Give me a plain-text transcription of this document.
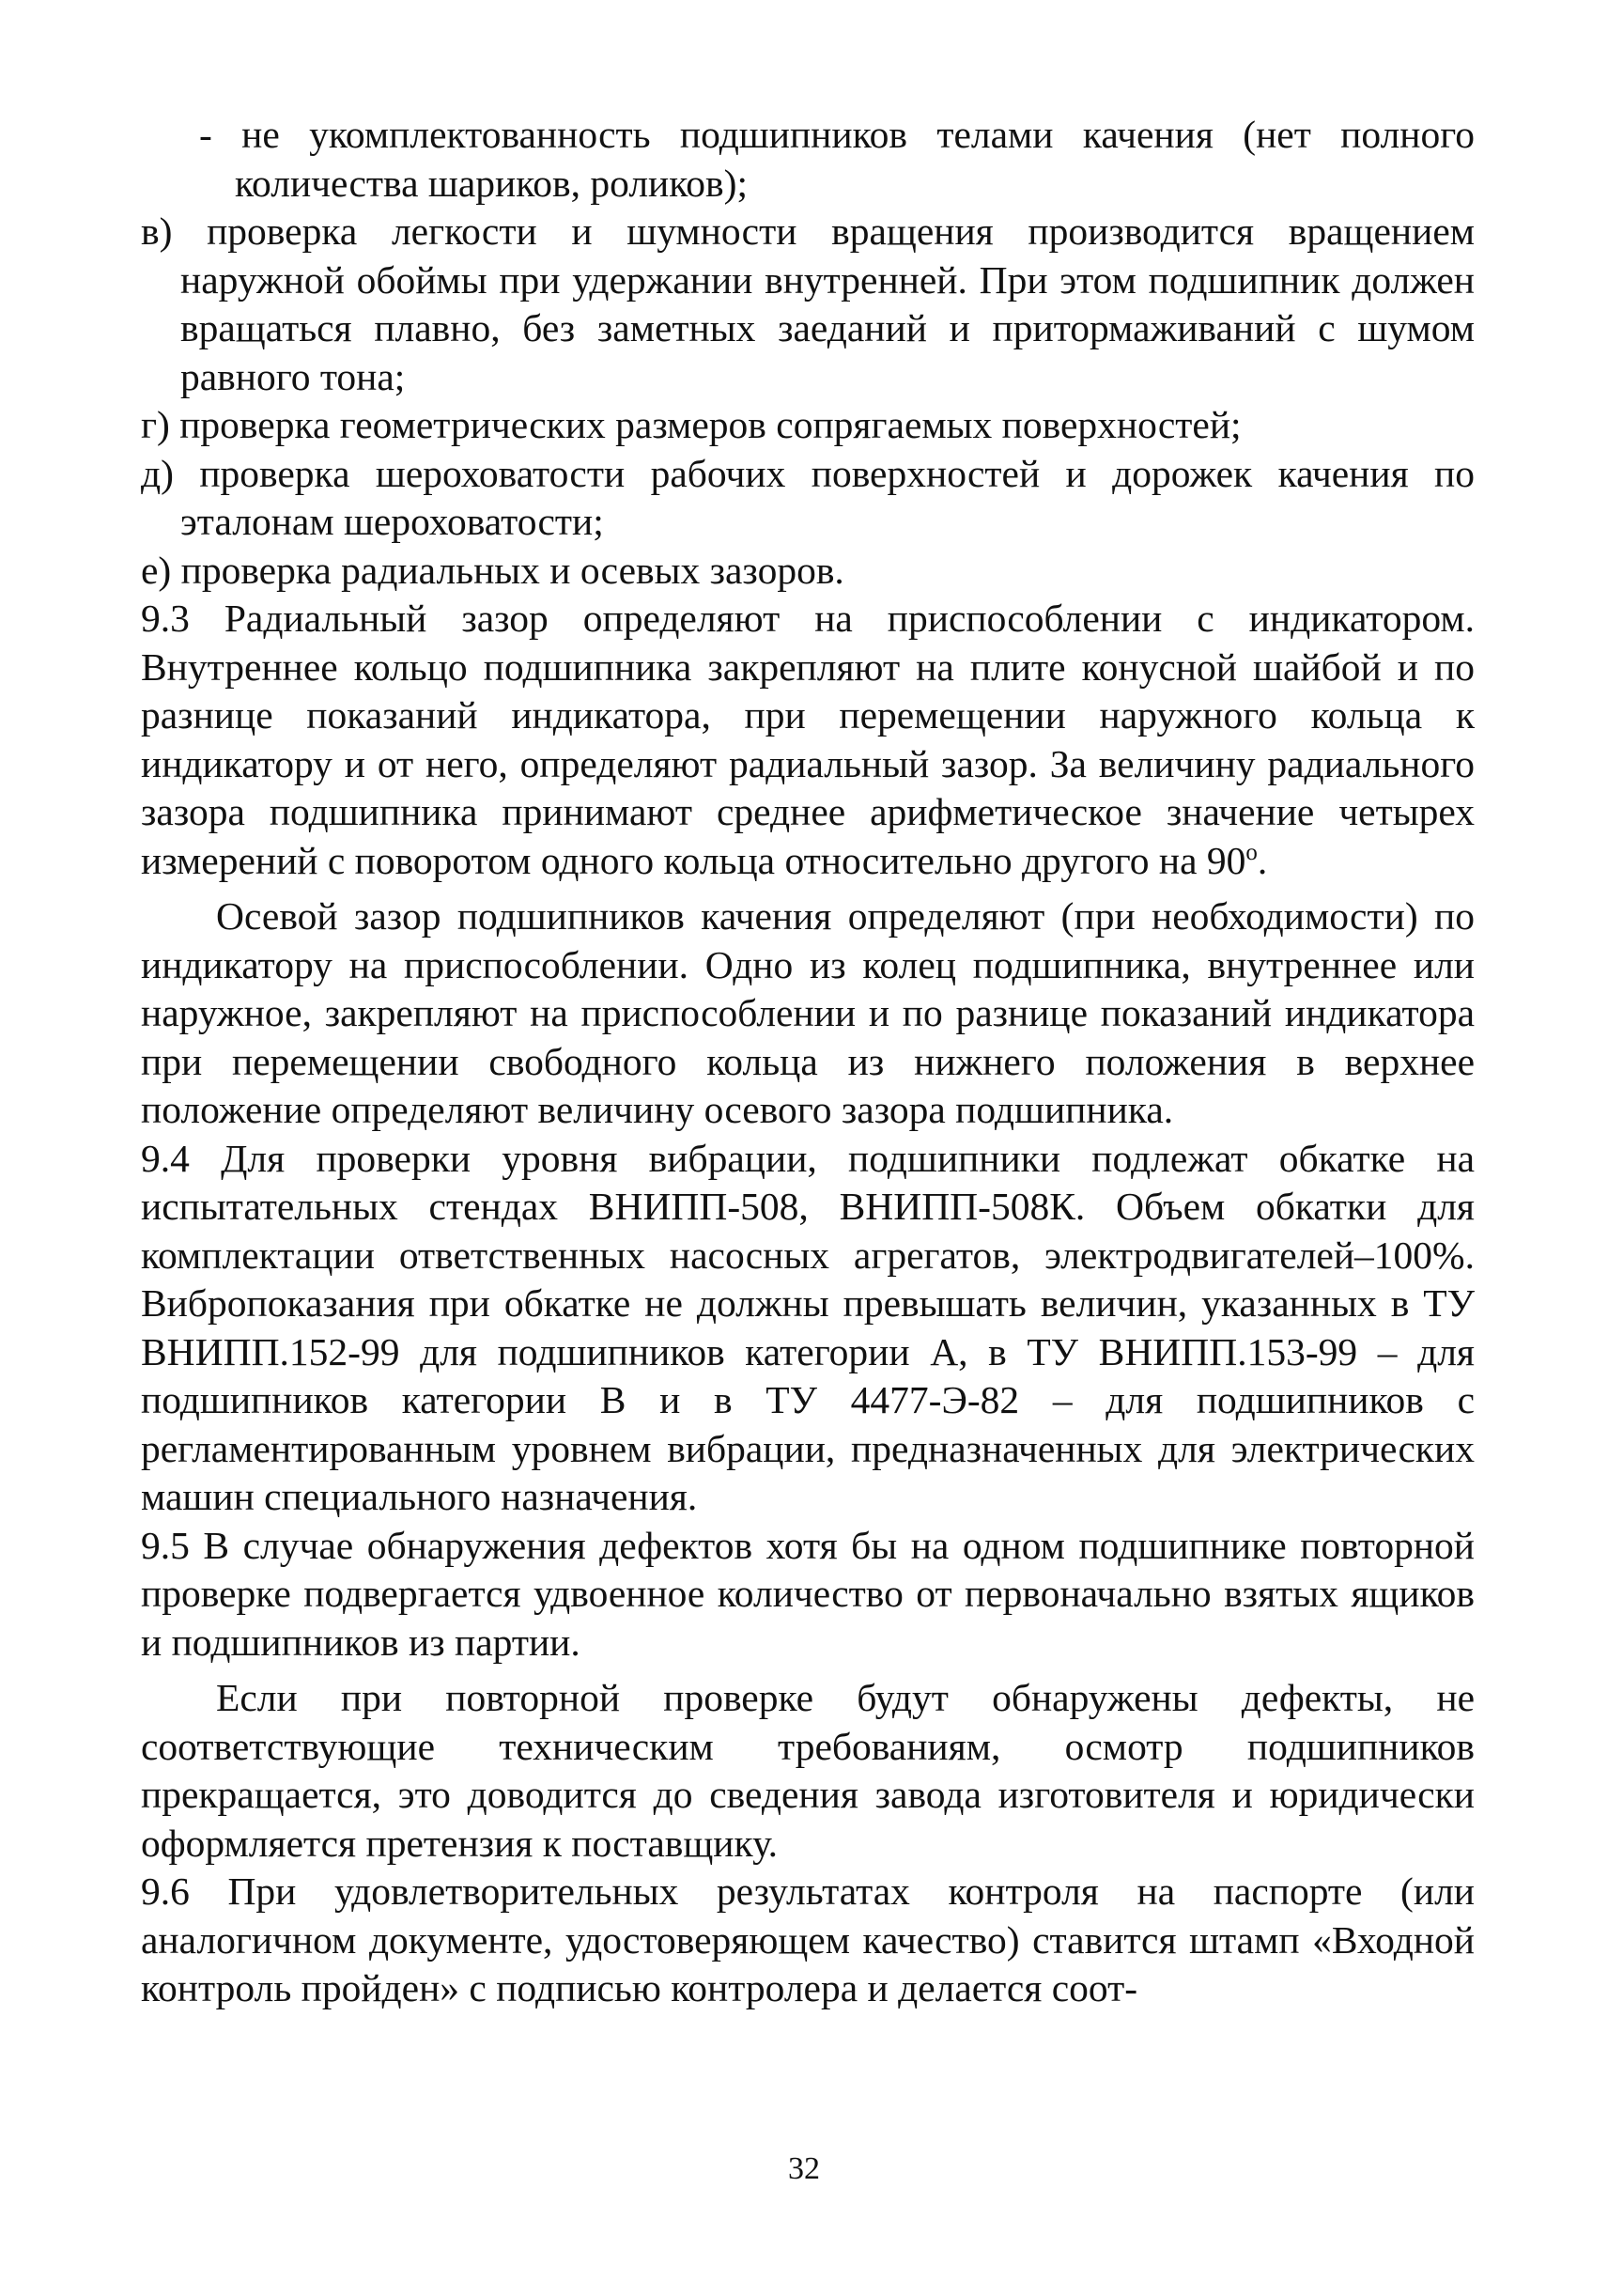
- не укомплектованность подшипников телами качения (нет полного количества шариков, роликов);

в) проверка легкости и шумности вращения производится вращением наружной обоймы при удержании внутренней. При этом подшипник должен вращаться плавно, без заметных заеданий и притормаживаний с шумом равного тона;

г) проверка геометрических размеров сопрягаемых поверхностей;

д) проверка шероховатости рабочих поверхностей и дорожек качения по эталонам шероховатости;

е) проверка радиальных и осевых зазоров.

9.3 Радиальный зазор определяют на приспособлении с индикатором. Внутреннее кольцо подшипника закрепляют на плите конусной шайбой и по разнице показаний индикатора, при перемещении наружного кольца к индикатору и от него, определяют радиальный зазор. За величину радиального зазора подшипника принимают среднее арифметическое значение четырех измерений с поворотом одного кольца относительно другого на 90$^o$.

Осевой зазор подшипников качения определяют (при необходимости) по индикатору на приспособлении. Одно из колец подшипника, внутреннее или наружное, закрепляют на приспособлении и по разнице показаний индикатора при перемещении свободного кольца из нижнего положения в верхнее положение определяют величину осевого зазора подшипника.

9.4 Для проверки уровня вибрации, подшипники подлежат обкатке на испытательных стендах ВНИПП-508, ВНИПП-508К. Объем обкатки для комплектации ответственных насосных агрегатов, электродвигателей–100%. Вибропоказания при обкатке не должны превышать величин, указанных в ТУ ВНИПП.152-99 для подшипников категории А, в ТУ ВНИПП.153-99 – для подшипников категории В и в ТУ 4477-Э-82 – для подшипников с регламентированным уровнем вибрации, предназначенных для электрических машин специального назначения.

9.5 В случае обнаружения дефектов хотя бы на одном подшипнике повторной проверке подвергается удвоенное количество от первоначально взятых ящиков и подшипников из партии.

Если при повторной проверке будут обнаружены дефекты, не соответствующие техническим требованиям, осмотр подшипников прекращается, это доводится до сведения завода изготовителя и юридически оформляется претензия к поставщику.

9.6 При удовлетворительных результатах контроля на паспорте (или аналогичном документе, удостоверяющем качество) ставится штамп «Входной контроль пройден» с подписью контролера и делается соот-

32
